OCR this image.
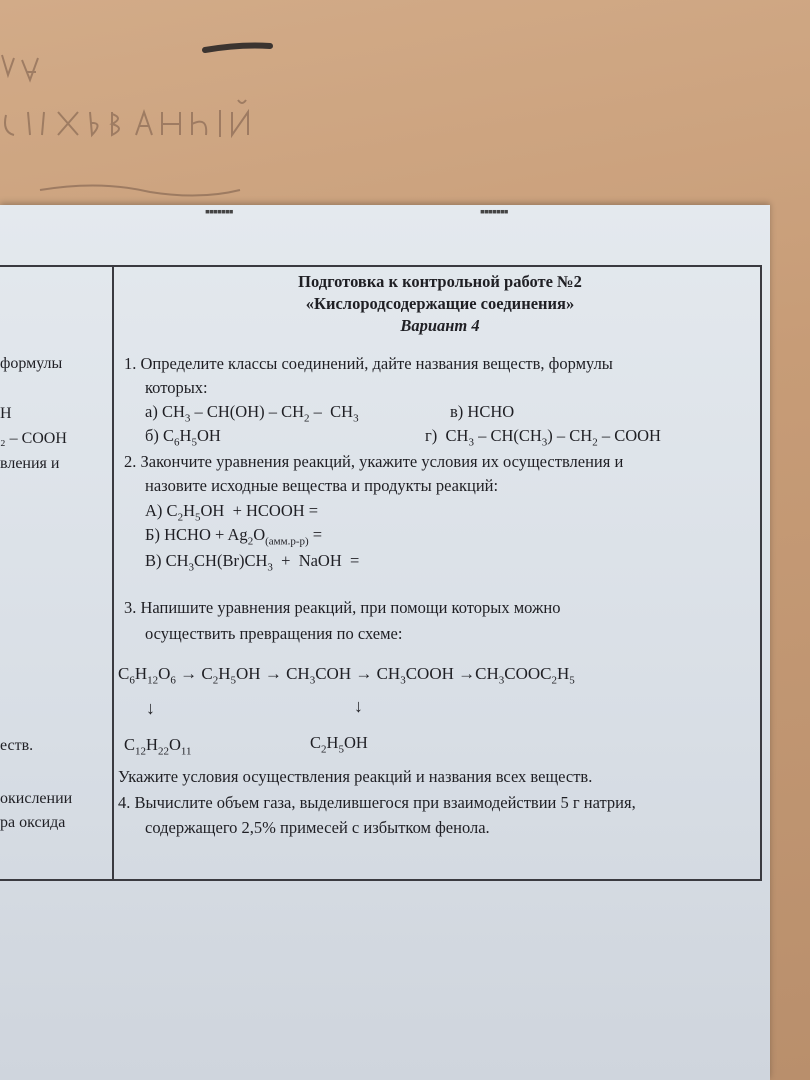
▪▪▪▪▪▪▪	▪▪▪▪▪▪▪
формулы
Н
₂ – COOH
вления и
еств.
окислении
ра оксида
Подготовка к контрольной работе №2
«Кислородсодержащие соединения»
Вариант 4
1. Определите классы соединений, дайте названия веществ, формулы
которых:
а) $CH_3 - CH(OH) - CH_2 - CH_3$	в) HCHO
б) $C_6H_5OH$	г)  $CH_3 - CH(CH_3) - CH_2$ – COOH
2. Закончите уравнения реакций, укажите условия их осуществления и
назовите исходные вещества и продукты реакций:
А) $C_2H_5OH$  + HCOOH =
Б) HCHO + $Ag_2O_{(амм.р-р)}$ =
В) $CH_3CH(Br)CH_3$  +  NaOH  =
3. Напишите уравнения реакций, при помощи которых можно
осуществить превращения по схеме:
$C_6H_{12}O_6 \to C_2H_5OH \to CH_3COH$ → $CH_3COOH$ $\to CH_3COOC_2H_5$
↓	↓
$C_{12}H_{22}O_{11}$	$C_2H_5OH$
Укажите условия осуществления реакций и названия всех веществ.
4. Вычислите объем газа, выделившегося при взаимодействии 5 г натрия,
содержащего 2,5% примесей с избытком фенола.
